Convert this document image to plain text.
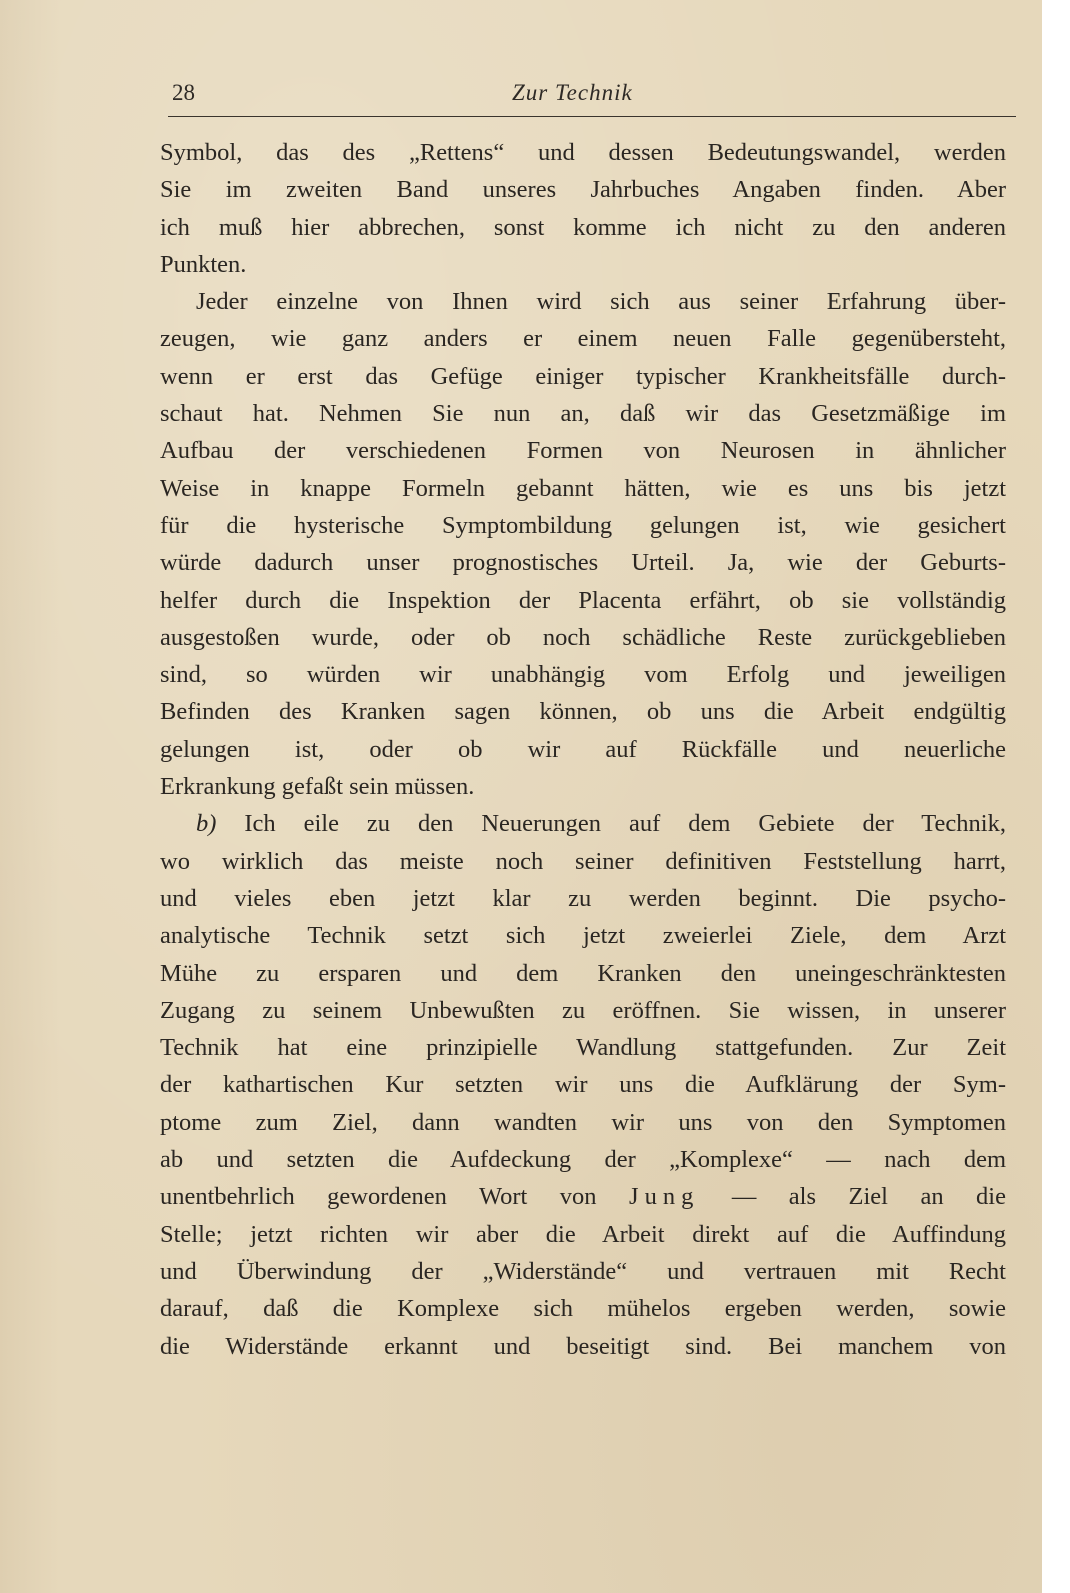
28	Zur Technik
Symbol, das des „Rettens“ und dessen Bedeutungswandel, werden
Sie im zweiten Band unseres Jahrbuches Angaben finden. Aber
ich muß hier abbrechen, sonst komme ich nicht zu den anderen
Punkten.
Jeder einzelne von Ihnen wird sich aus seiner Erfahrung über-
zeugen, wie ganz anders er einem neuen Falle gegenübersteht,
wenn er erst das Gefüge einiger typischer Krankheitsfälle durch-
schaut hat. Nehmen Sie nun an, daß wir das Gesetzmäßige im
Aufbau der verschiedenen Formen von Neurosen in ähnlicher
Weise in knappe Formeln gebannt hätten, wie es uns bis jetzt
für die hysterische Symptombildung gelungen ist, wie gesichert
würde dadurch unser prognostisches Urteil. Ja, wie der Geburts-
helfer durch die Inspektion der Placenta erfährt, ob sie vollständig
ausgestoßen wurde, oder ob noch schädliche Reste zurückgeblieben
sind, so würden wir unabhängig vom Erfolg und jeweiligen
Befinden des Kranken sagen können, ob uns die Arbeit endgültig
gelungen ist, oder ob wir auf Rückfälle und neuerliche
Erkrankung gefaßt sein müssen.
b) Ich eile zu den Neuerungen auf dem Gebiete der Technik,
wo wirklich das meiste noch seiner definitiven Feststellung harrt,
und vieles eben jetzt klar zu werden beginnt. Die psycho-
analytische Technik setzt sich jetzt zweierlei Ziele, dem Arzt
Mühe zu ersparen und dem Kranken den uneingeschränktesten
Zugang zu seinem Unbewußten zu eröffnen. Sie wissen, in unserer
Technik hat eine prinzipielle Wandlung stattgefunden. Zur Zeit
der kathartischen Kur setzten wir uns die Aufklärung der Sym-
ptome zum Ziel, dann wandten wir uns von den Symptomen
ab und setzten die Aufdeckung der „Komplexe“ — nach dem
unentbehrlich gewordenen Wort von Jung — als Ziel an die
Stelle; jetzt richten wir aber die Arbeit direkt auf die Auffindung
und Überwindung der „Widerstände“ und vertrauen mit Recht
darauf, daß die Komplexe sich mühelos ergeben werden, sowie
die Widerstände erkannt und beseitigt sind. Bei manchem von
